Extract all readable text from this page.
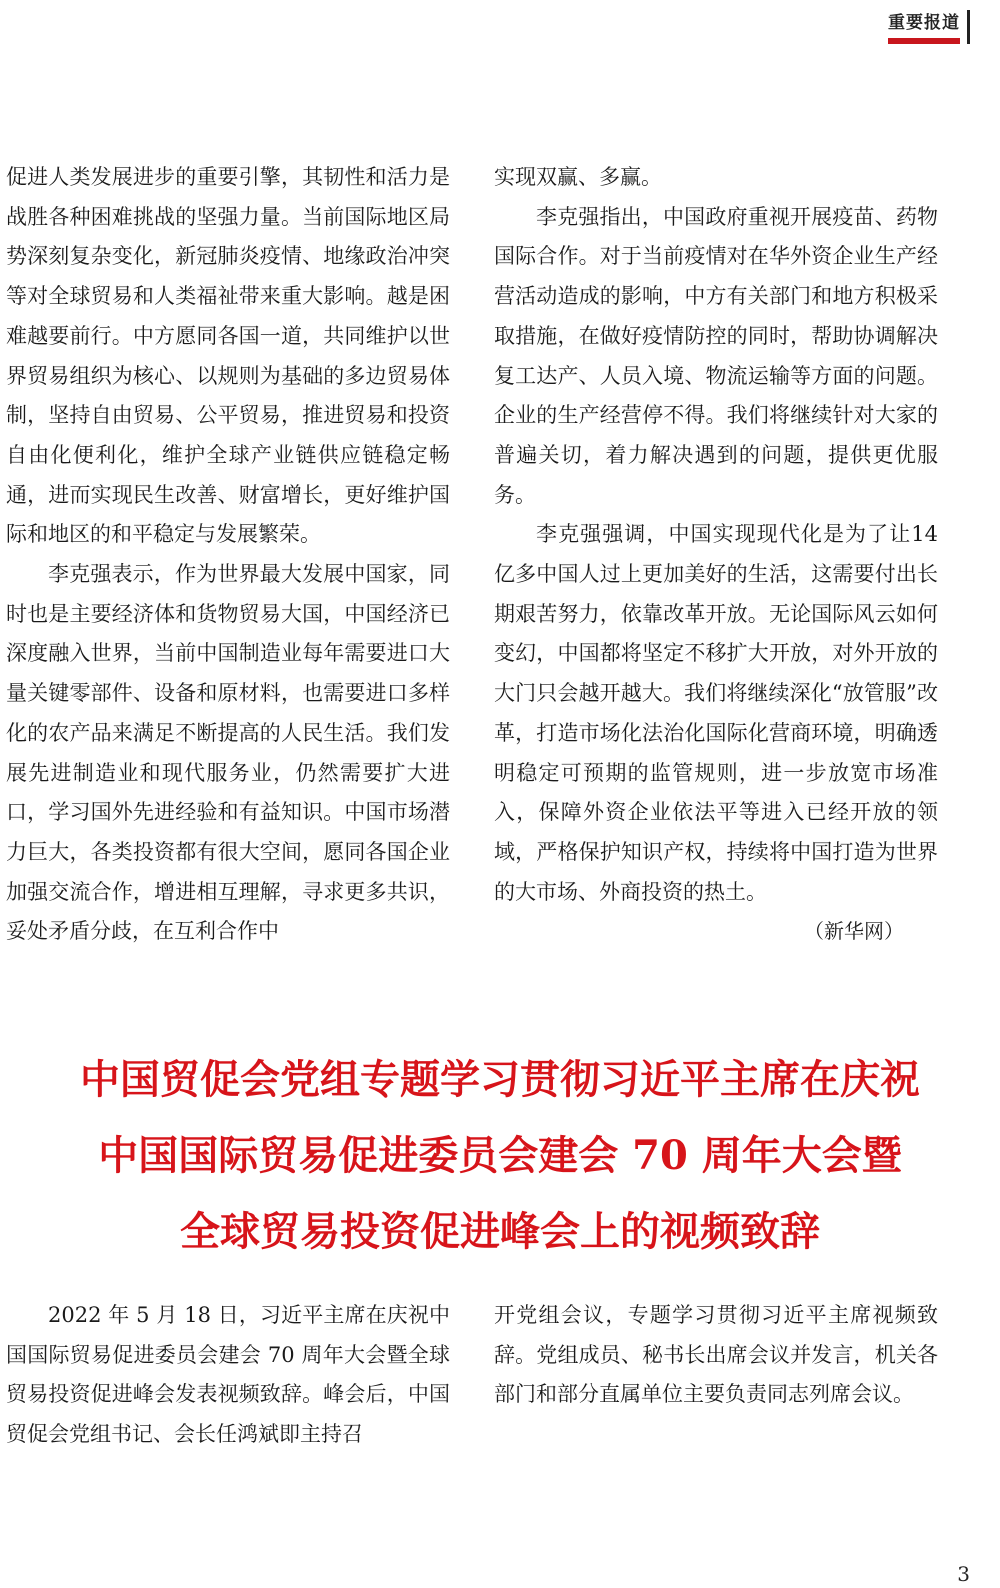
重要报道

促进人类发展进步的重要引擎，其韧性和活力是战胜各种困难挑战的坚强力量。当前国际地区局势深刻复杂变化，新冠肺炎疫情、地缘政治冲突等对全球贸易和人类福祉带来重大影响。越是困难越要前行。中方愿同各国一道，共同维护以世界贸易组织为核心、以规则为基础的多边贸易体制，坚持自由贸易、公平贸易，推进贸易和投资自由化便利化，维护全球产业链供应链稳定畅通，进而实现民生改善、财富增长，更好维护国际和地区的和平稳定与发展繁荣。

李克强表示，作为世界最大发展中国家，同时也是主要经济体和货物贸易大国，中国经济已深度融入世界，当前中国制造业每年需要进口大量关键零部件、设备和原材料，也需要进口多样化的农产品来满足不断提高的人民生活。我们发展先进制造业和现代服务业，仍然需要扩大进口，学习国外先进经验和有益知识。中国市场潜力巨大，各类投资都有很大空间，愿同各国企业加强交流合作，增进相互理解，寻求更多共识，妥处矛盾分歧，在互利合作中

实现双赢、多赢。

李克强指出，中国政府重视开展疫苗、药物国际合作。对于当前疫情对在华外资企业生产经营活动造成的影响，中方有关部门和地方积极采取措施，在做好疫情防控的同时，帮助协调解决复工达产、人员入境、物流运输等方面的问题。企业的生产经营停不得。我们将继续针对大家的普遍关切，着力解决遇到的问题，提供更优服务。

李克强强调，中国实现现代化是为了让14亿多中国人过上更加美好的生活，这需要付出长期艰苦努力，依靠改革开放。无论国际风云如何变幻，中国都将坚定不移扩大开放，对外开放的大门只会越开越大。我们将继续深化“放管服”改革，打造市场化法治化国际化营商环境，明确透明稳定可预期的监管规则，进一步放宽市场准入，保障外资企业依法平等进入已经开放的领域，严格保护知识产权，持续将中国打造为世界的大市场、外商投资的热土。

（新华网）

中国贸促会党组专题学习贯彻习近平主席在庆祝
中国国际贸易促进委员会建会 70 周年大会暨
全球贸易投资促进峰会上的视频致辞

2022 年 5 月 18 日，习近平主席在庆祝中国国际贸易促进委员会建会 70 周年大会暨全球贸易投资促进峰会发表视频致辞。峰会后，中国贸促会党组书记、会长任鸿斌即主持召

开党组会议，专题学习贯彻习近平主席视频致辞。党组成员、秘书长出席会议并发言，机关各部门和部分直属单位主要负责同志列席会议。

3
